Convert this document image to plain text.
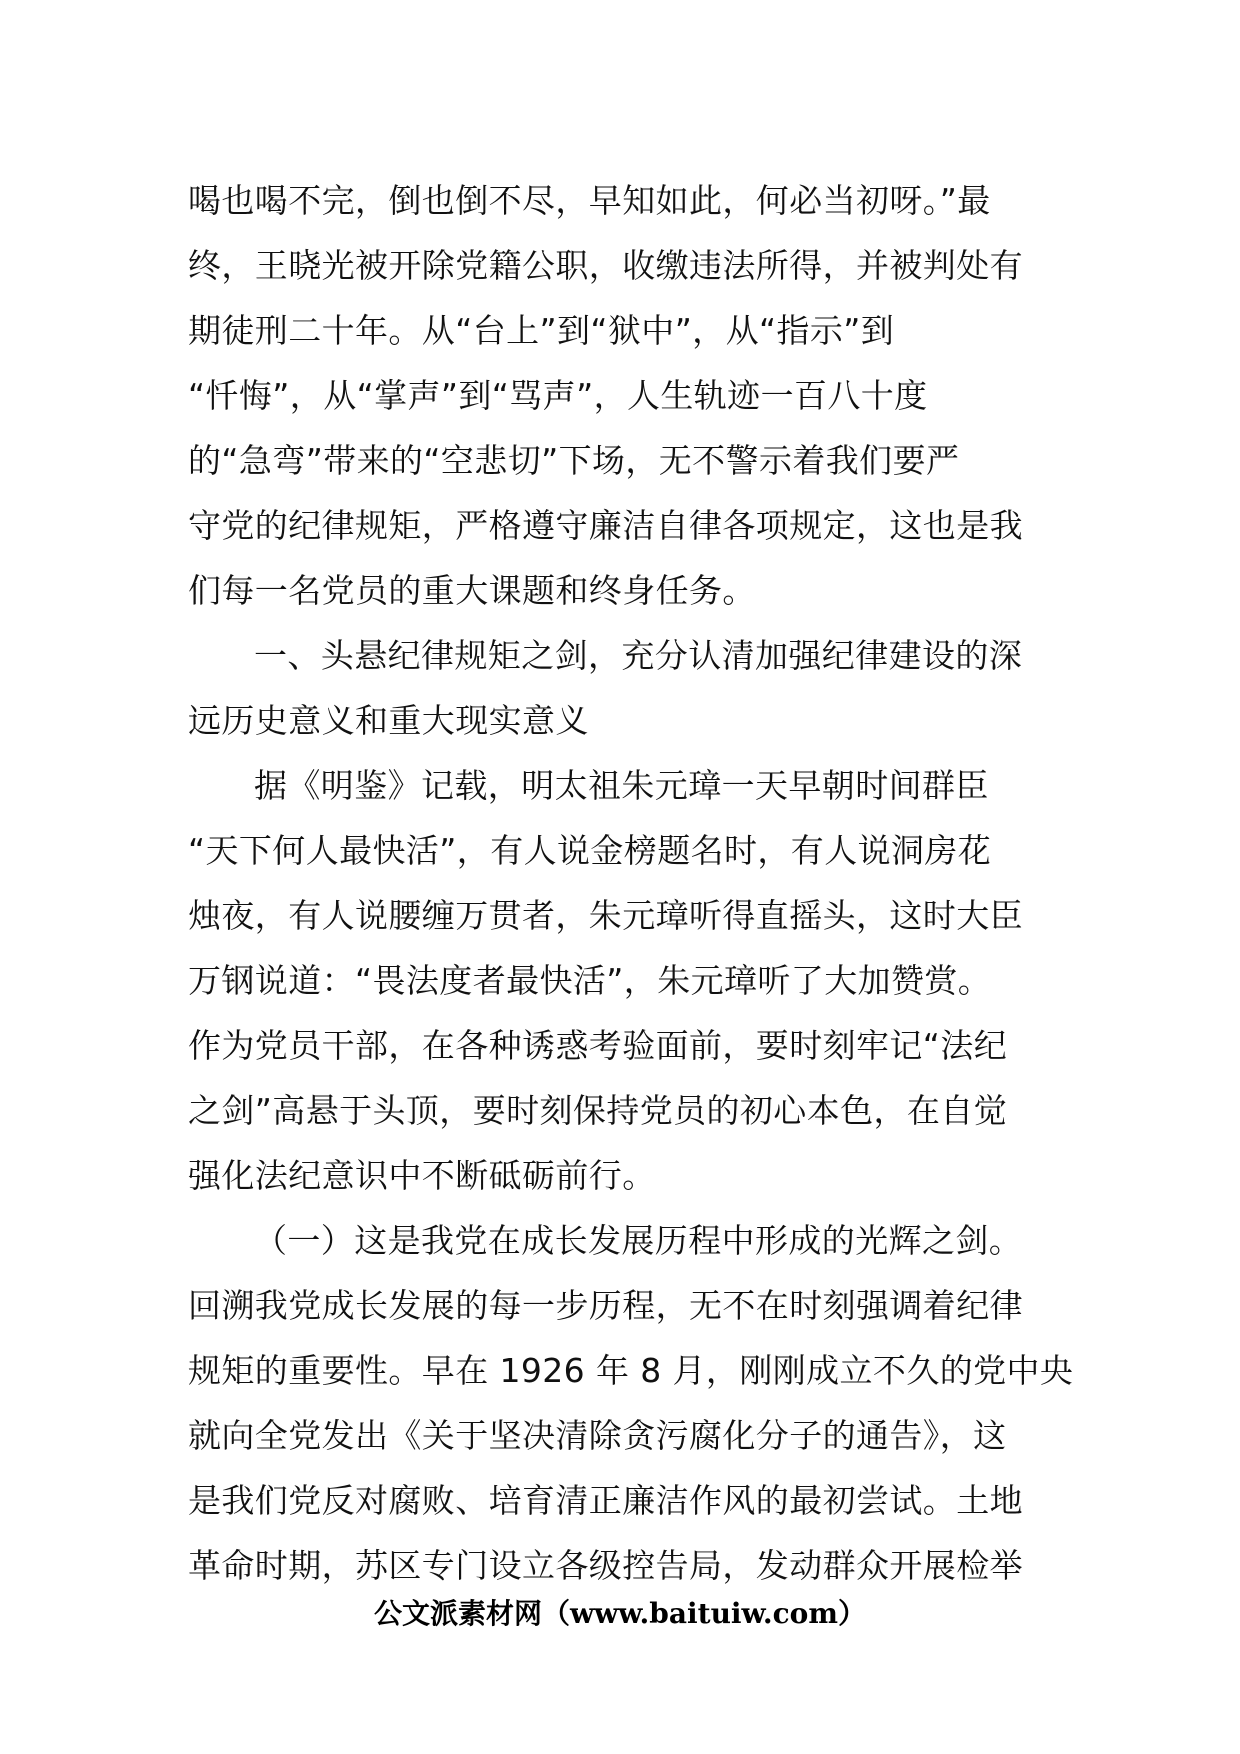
喝也喝不完，倒也倒不尽，早知如此，何必当初呀。”最
终，王晓光被开除党籍公职，收缴违法所得，并被判处有
期徒刑二十年。从“台上”到“狱中”，从“指示”到
“忏悔”，从“掌声”到“骂声”，人生轨迹一百八十度
的“急弯”带来的“空悲切”下场，无不警示着我们要严
守党的纪律规矩，严格遵守廉洁自律各项规定，这也是我
们每一名党员的重大课题和终身任务。
一、头悬纪律规矩之剑，充分认清加强纪律建设的深
远历史意义和重大现实意义
据《明鉴》记载，明太祖朱元璋一天早朝时间群臣
“天下何人最快活”，有人说金榜题名时，有人说洞房花
烛夜，有人说腰缠万贯者，朱元璋听得直摇头，这时大臣
万钢说道：“畏法度者最快活”，朱元璋听了大加赞赏。
作为党员干部，在各种诱惑考验面前，要时刻牢记“法纪
之剑”高悬于头顶，要时刻保持党员的初心本色，在自觉
强化法纪意识中不断砥砺前行。
（一）这是我党在成长发展历程中形成的光辉之剑。
回溯我党成长发展的每一步历程，无不在时刻强调着纪律
规矩的重要性。早在 1926 年 8 月，刚刚成立不久的党中央
就向全党发出《关于坚决清除贪污腐化分子的通告》，这
是我们党反对腐败、培育清正廉洁作风的最初尝试。土地
革命时期，苏区专门设立各级控告局，发动群众开展检举
公文派素材网（www.baituiw.com）
